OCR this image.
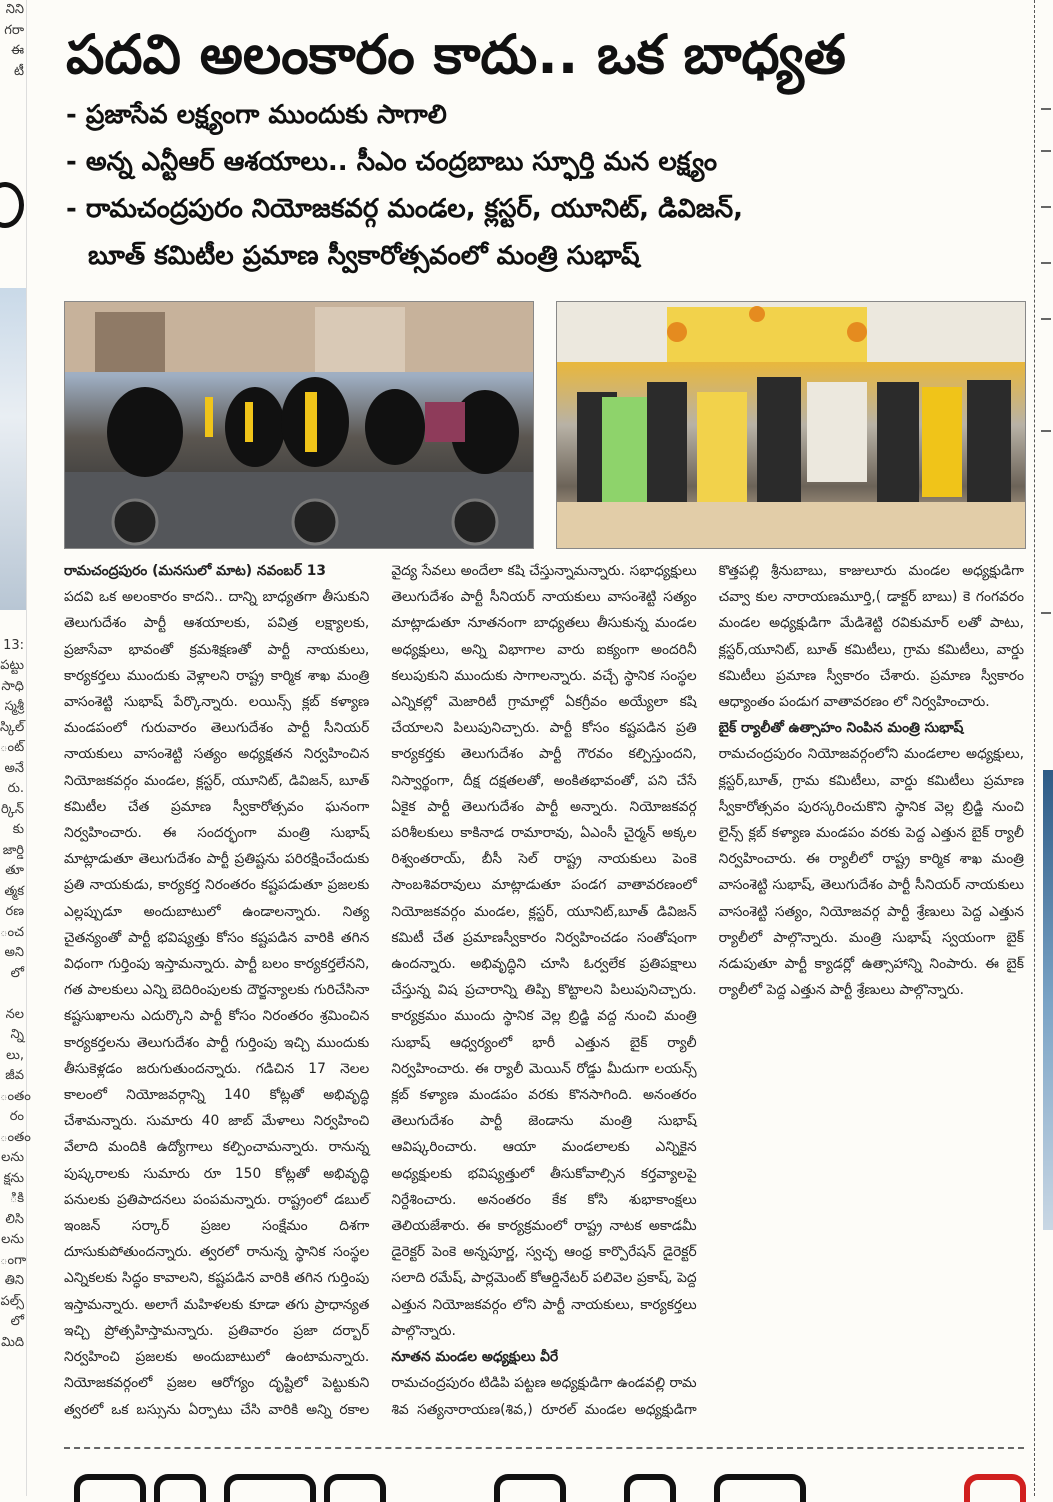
నిని
గరా
ఈ
టీ
13:
పట్టు
సాధి
స్మశ్రీ
స్కిల్
ంట్
అనే
రు.
ర్కిన్
కు
జార్డి
తూ
త్మక
రణ
ంచ
అని
లో
నల
న్ని
లు,
జీవ
ంతం
రం
ంతం
లను
క్షను
ికి
లిసి
లను
ంగా
తిని
పల్స్
లో
మిది
పదవి అలంకారం కాదు.. ఒక బాధ్యత
- ప్రజాసేవ లక్ష్యంగా ముందుకు సాగాలి
- అన్న ఎన్టీఆర్ ఆశయాలు.. సీఎం చంద్రబాబు స్ఫూర్తి మన లక్ష్యం
- రామచంద్రపురం నియోజకవర్గ మండల, క్లస్టర్, యూనిట్, డివిజన్,
బూత్ కమిటీల ప్రమాణ స్వీకారోత్సవంలో మంత్రి సుభాష్

రామచంద్రపురం (మనసులో మాట) నవంబర్ 13
పదవి ఒక అలంకారం కాదని.. దాన్ని బాధ్యతగా తీసుకుని తెలుగుదేశం పార్టీ ఆశయాలకు, పవిత్ర లక్ష్యాలకు, ప్రజాసేవా భావంతో క్రమశిక్షణతో పార్టీ నాయకులు, కార్యకర్తలు ముందుకు వెళ్లాలని రాష్ట్ర కార్మిక శాఖ మంత్రి వాసంశెట్టి సుభాష్ పేర్కొన్నారు. లయిన్స్ క్లబ్ కళ్యాణ మండపంలో గురువారం తెలుగుదేశం పార్టీ సీనియర్ నాయకులు వాసంశెట్టి సత్యం అధ్యక్షతన నిర్వహించిన నియోజకవర్గం మండల, క్లస్టర్, యూనిట్, డివిజన్, బూత్ కమిటీల చేత ప్రమాణ స్వీకారోత్సవం ఘనంగా నిర్వహించారు. ఈ సందర్భంగా మంత్రి సుభాష్ మాట్లాడుతూ తెలుగుదేశం పార్టీ ప్రతిష్టను పరిరక్షించేందుకు ప్రతి నాయకుడు, కార్యకర్త నిరంతరం కష్టపడుతూ ప్రజలకు ఎల్లప్పుడూ అందుబాటులో ఉండాలన్నారు. నిత్య చైతన్యంతో పార్టీ భవిష్యత్తు కోసం కష్టపడిన వారికి తగిన విధంగా గుర్తింపు ఇస్తామన్నారు. పార్టీ బలం కార్యకర్తలేనని, గత పాలకులు ఎన్ని బెదిరింపులకు దౌర్జన్యాలకు గురిచేసినా కష్టసుఖాలను ఎదుర్కొని పార్టీ కోసం నిరంతరం శ్రమించిన కార్యకర్తలను తెలుగుదేశం పార్టీ గుర్తింపు ఇచ్చి ముందుకు తీసుకెళ్లడం జరుగుతుందన్నారు. గడిచిన 17 నెలల కాలంలో నియోజవర్గాన్ని 140 కోట్లతో అభివృద్ధి చేశామన్నారు. సుమారు 40 జాబ్ మేళాలు నిర్వహించి వేలాది మందికి ఉద్యోగాలు కల్పించామన్నారు. రానున్న పుష్కరాలకు సుమారు రూ 150 కోట్లతో అభివృద్ధి పనులకు ప్రతిపాదనలు పంపమన్నారు. రాష్ట్రంలో డబుల్ ఇంజన్ సర్కార్ ప్రజల సంక్షేమం దిశగా దూసుకుపోతుందన్నారు. త్వరలో రానున్న స్థానిక సంస్థల ఎన్నికలకు సిద్ధం కావాలని, కష్టపడిన వారికి తగిన గుర్తింపు ఇస్తామన్నారు. అలాగే మహిళలకు కూడా తగు ప్రాధాన్యత ఇచ్చి ప్రోత్సహిస్తామన్నారు. ప్రతివారం ప్రజా దర్బార్ నిర్వహించి ప్రజలకు అందుబాటులో ఉంటామన్నారు. నియోజకవర్గంలో ప్రజల ఆరోగ్యం దృష్టిలో పెట్టుకుని త్వరలో ఒక బస్సును ఏర్పాటు చేసి వారికి అన్ని రకాల వైద్య సేవలు అందేలా కషి చేస్తున్నామన్నారు. సభాధ్యక్షులు తెలుగుదేశం పార్టీ సీనియర్ నాయకులు వాసంశెట్టి సత్యం మాట్లాడుతూ నూతనంగా బాధ్యతలు తీసుకున్న మండల అధ్యక్షులు, అన్ని విభాగాల వారు ఐక్యంగా అందరినీ కలుపుకుని ముందుకు సాగాలన్నారు. వచ్చే స్థానిక సంస్థల ఎన్నికల్లో మెజారిటీ గ్రామాల్లో ఏకగ్రీవం అయ్యేలా కషి చేయాలని పిలుపునిచ్చారు. పార్టీ కోసం కష్టపడిన ప్రతి కార్యకర్తకు తెలుగుదేశం పార్టీ గౌరవం కల్పిస్తుందని, నిస్వార్థంగా, దీక్ష దక్షతలతో, అంకితభావంతో, పని చేసే ఏకైక పార్టీ తెలుగుదేశం పార్టీ అన్నారు. నియోజకవర్గ పరిశీలకులు కాకినాడ రామారావు, ఏఎంసీ చైర్మన్ అక్కల రిశ్వంతరాయ్, బీసీ సెల్ రాష్ట్ర నాయకులు పెంకె సాంబశివరావులు మాట్లాడుతూ పండగ వాతావరణంలో నియోజకవర్గం మండల, క్లస్టర్, యూనిట్,బూత్ డివిజన్ కమిటీ చేత ప్రమాణస్వీకారం నిర్వహించడం సంతోషంగా ఉందన్నారు. అభివృద్ధిని చూసి ఓర్వలేక ప్రతిపక్షాలు చేస్తున్న విష ప్రచారాన్ని తిప్పి కొట్టాలని పిలుపునిచ్చారు. కార్యక్రమం ముందు స్థానిక వెల్ల బ్రిడ్జి వద్ద నుంచి మంత్రి సుభాష్ ఆధ్వర్యంలో భారీ ఎత్తున బైక్ ర్యాలీ నిర్వహించారు. ఈ ర్యాలీ మెయిన్ రోడ్డు మీదుగా లయన్స్ క్లబ్ కళ్యాణ మండపం వరకు కొనసాగింది. అనంతరం తెలుగుదేశం పార్టీ జెండాను మంత్రి సుభాష్ ఆవిష్కరించారు. ఆయా మండలాలకు ఎన్నికైన అధ్యక్షులకు భవిష్యత్తులో తీసుకోవాల్సిన కర్తవ్యాలపై నిర్దేశించారు. అనంతరం కేక కోసి శుభాకాంక్షలు తెలియజేశారు. ఈ కార్యక్రమంలో రాష్ట్ర నాటక అకాడమీ డైరెక్టర్ పెంకె అన్నపూర్ణ, స్వచ్ఛ ఆంధ్ర కార్పొరేషన్ డైరెక్టర్ సలాది రమేష్, పార్లమెంట్ కోఆర్డినేటర్ పలివెల ప్రకాష్, పెద్ద ఎత్తున నియోజకవర్గం లోని పార్టీ నాయకులు, కార్యకర్తలు పాల్గొన్నారు.

నూతన మండల అధ్యక్షులు వీరే

రామచంద్రపురం టిడిపి పట్టణ అధ్యక్షుడిగా ఉండవల్లి రామ శివ సత్యనారాయణ(శివ,) రూరల్ మండల అధ్యక్షుడిగా కొత్తపల్లి శ్రీనుబాబు, కాజులూరు మండల అధ్యక్షుడిగా చవ్వా కుల నారాయణమూర్తి,( డాక్టర్ బాబు) కె గంగవరం మండల అధ్యక్షుడిగా మేడిశెట్టి రవికుమార్ లతో పాటు, క్లస్టర్,యూనిట్, బూత్ కమిటీలు, గ్రామ కమిటీలు, వార్డు కమిటీలు ప్రమాణ స్వీకారం చేశారు. ప్రమాణ స్వీకారం ఆధ్యాంతం పండుగ వాతావరణం లో నిర్వహించారు.

బైక్ ర్యాలీతో ఉత్సాహం నింపిన మంత్రి సుభాష్

రామచంద్రపురం నియోజవర్గంలోని మండలాల అధ్యక్షులు, క్లస్టర్,బూత్, గ్రామ కమిటీలు, వార్డు కమిటీలు ప్రమాణ స్వీకారోత్సవం పురస్కరించుకొని స్థానిక వెల్ల బ్రిడ్జి నుంచి లైన్స్ క్లబ్ కళ్యాణ మండపం వరకు పెద్ద ఎత్తున బైక్ ర్యాలీ నిర్వహించారు. ఈ ర్యాలీలో రాష్ట్ర కార్మిక శాఖ మంత్రి వాసంశెట్టి సుభాష్, తెలుగుదేశం పార్టీ సీనియర్ నాయకులు వాసంశెట్టి సత్యం, నియోజవర్గ పార్టీ శ్రేణులు పెద్ద ఎత్తున ర్యాలీలో పాల్గొన్నారు. మంత్రి సుభాష్ స్వయంగా బైక్ నడుపుతూ పార్టీ క్యాడర్లో ఉత్సాహాన్ని నింపారు. ఈ బైక్ ర్యాలీలో పెద్ద ఎత్తున పార్టీ శ్రేణులు పాల్గొన్నారు.
